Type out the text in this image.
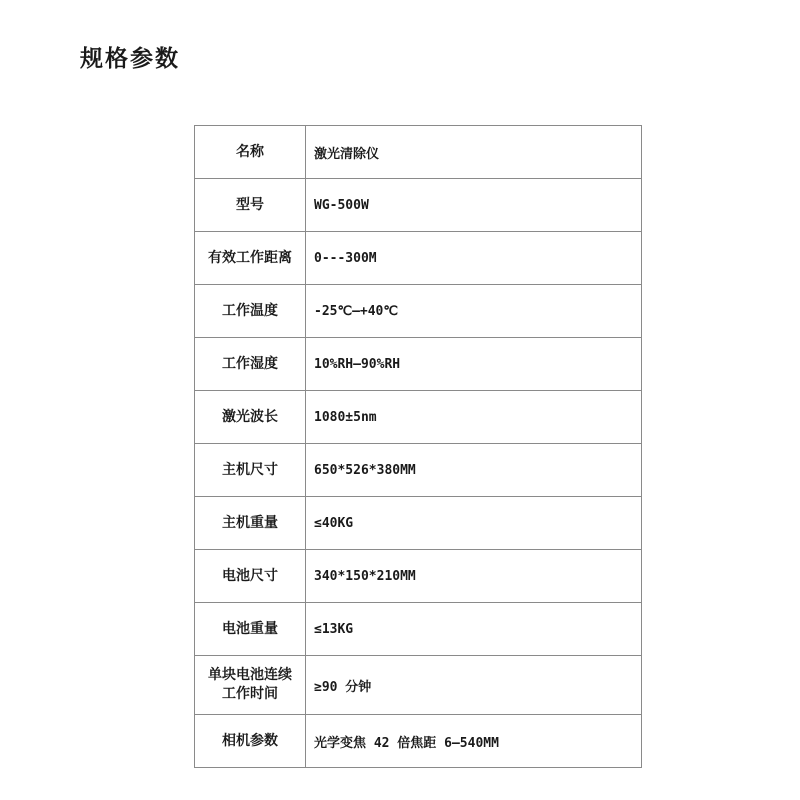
规格参数
名称	激光清除仪
型号	WG-500W
有效工作距离	0---300M
工作温度	-25℃—+40℃
工作湿度	10%RH—90%RH
激光波长	1080±5nm
主机尺寸	650*526*380MM
主机重量	≤40KG
电池尺寸	340*150*210MM
电池重量	≤13KG

单块电池连续
工作时间	≥90 分钟
相机参数	光学变焦 42 倍焦距 6—540MM
